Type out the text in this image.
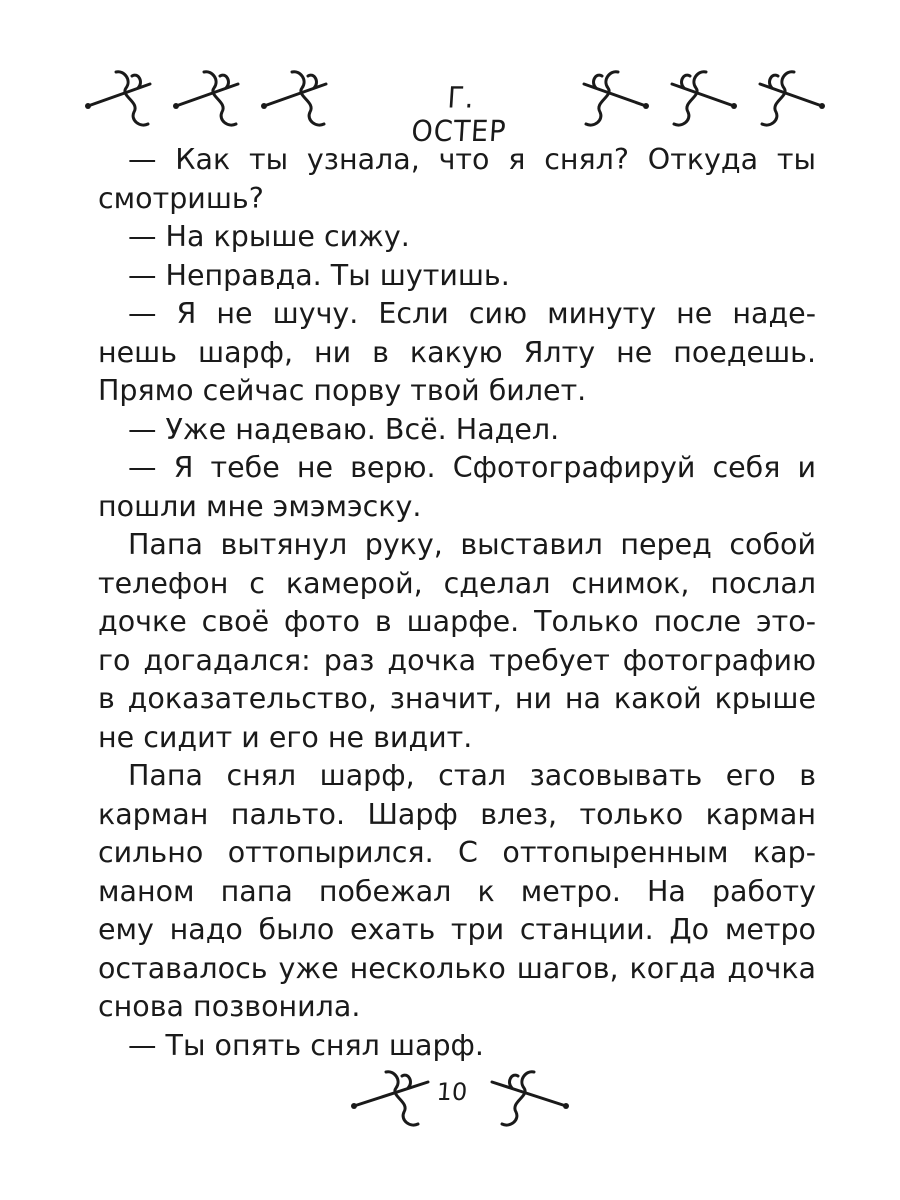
Г. ОСТЕР
— Как ты узнала, что я снял? Откуда ты
смотришь?
— На крыше сижу.
— Неправда. Ты шутишь.
— Я не шучу. Если сию минуту не наде-
нешь шарф, ни в какую Ялту не поедешь.
Прямо сейчас порву твой билет.
— Уже надеваю. Всё. Надел.
— Я тебе не верю. Сфотографируй себя и
пошли мне эмэмэску.
Папа вытянул руку, выставил перед собой
телефон с камерой, сделал снимок, послал
дочке своё фото в шарфе. Только после это-
го догадался: раз дочка требует фотографию
в доказательство, значит, ни на какой крыше
не сидит и его не видит.
Папа снял шарф, стал засовывать его в
карман пальто. Шарф влез, только карман
сильно оттопырился. С оттопыренным кар-
маном папа побежал к метро. На работу
ему надо было ехать три станции. До метро
оставалось уже несколько шагов, когда дочка
снова позвонила.
— Ты опять снял шарф.
10
